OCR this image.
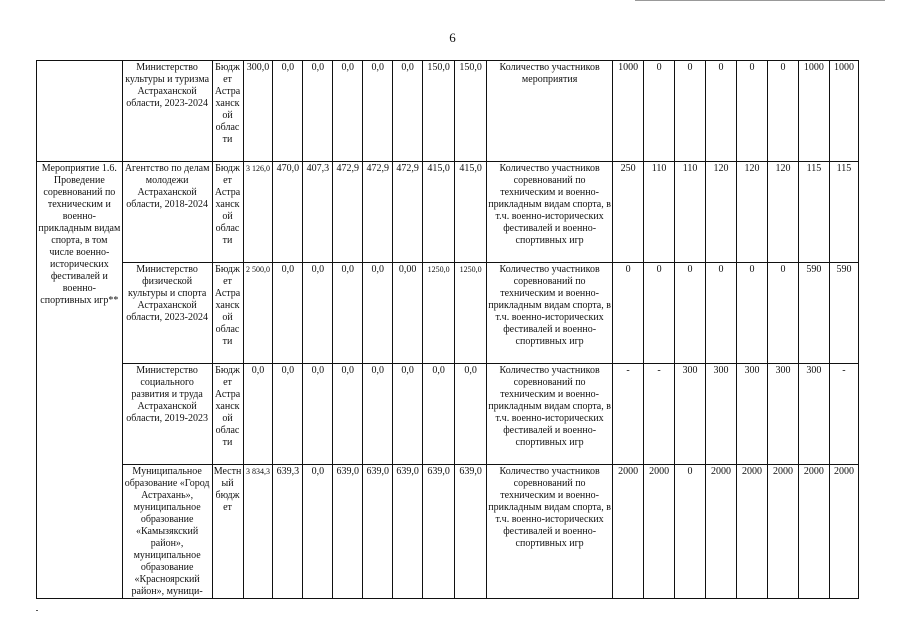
6
	Министерство культуры и туризма Астраханской области, 2023-2024	Бюджет Астраханской области	300,0	0,0	0,0	0,0	0,0	0,0	150,0	150,0	Количество участников мероприятия	1000	0	0	0	0	0	1000	1000
Мероприятие 1.6. Проведение соревнований по техническим и военно-прикладным видам спорта, в том числе военно-исторических фестивалей и военно-спортивных игр**	Агентство по делам молодежи Астраханской области, 2018-2024	Бюджет Астраханской области	3 126,0	470,0	407,3	472,9	472,9	472,9	415,0	415,0	Количество участников соревнований по техническим и военно-прикладным видам спорта, в т.ч. военно-исторических фестивалей и военно-спортивных игр	250	110	110	120	120	120	115	115
	Министерство физической культуры и спорта Астраханской области, 2023-2024	Бюджет Астраханской области	2 500,0	0,0	0,0	0,0	0,0	0,00	1250,0	1250,0	Количество участников соревнований по техническим и военно-прикладным видам спорта, в т.ч. военно-исторических фестивалей и военно-спортивных игр	0	0	0	0	0	0	590	590
	Министерство социального развития и труда Астраханской области, 2019-2023	Бюджет Астраханской области	0,0	0,0	0,0	0,0	0,0	0,0	0,0	0,0	Количество участников соревнований по техническим и военно-прикладным видам спорта, в т.ч. военно-исторических фестивалей и военно-спортивных игр	-	-	300	300	300	300	300	-
	Муниципальное образование «Город Астрахань», муниципальное образование «Камызякский район», муниципальное образование «Красноярский район», муници-	Местный бюджет	3 834,3	639,3	0,0	639,0	639,0	639,0	639,0	639,0	Количество участников соревнований по техническим и военно-прикладным видам спорта, в т.ч. военно-исторических фестивалей и военно-спортивных игр	2000	2000	0	2000	2000	2000	2000	2000
